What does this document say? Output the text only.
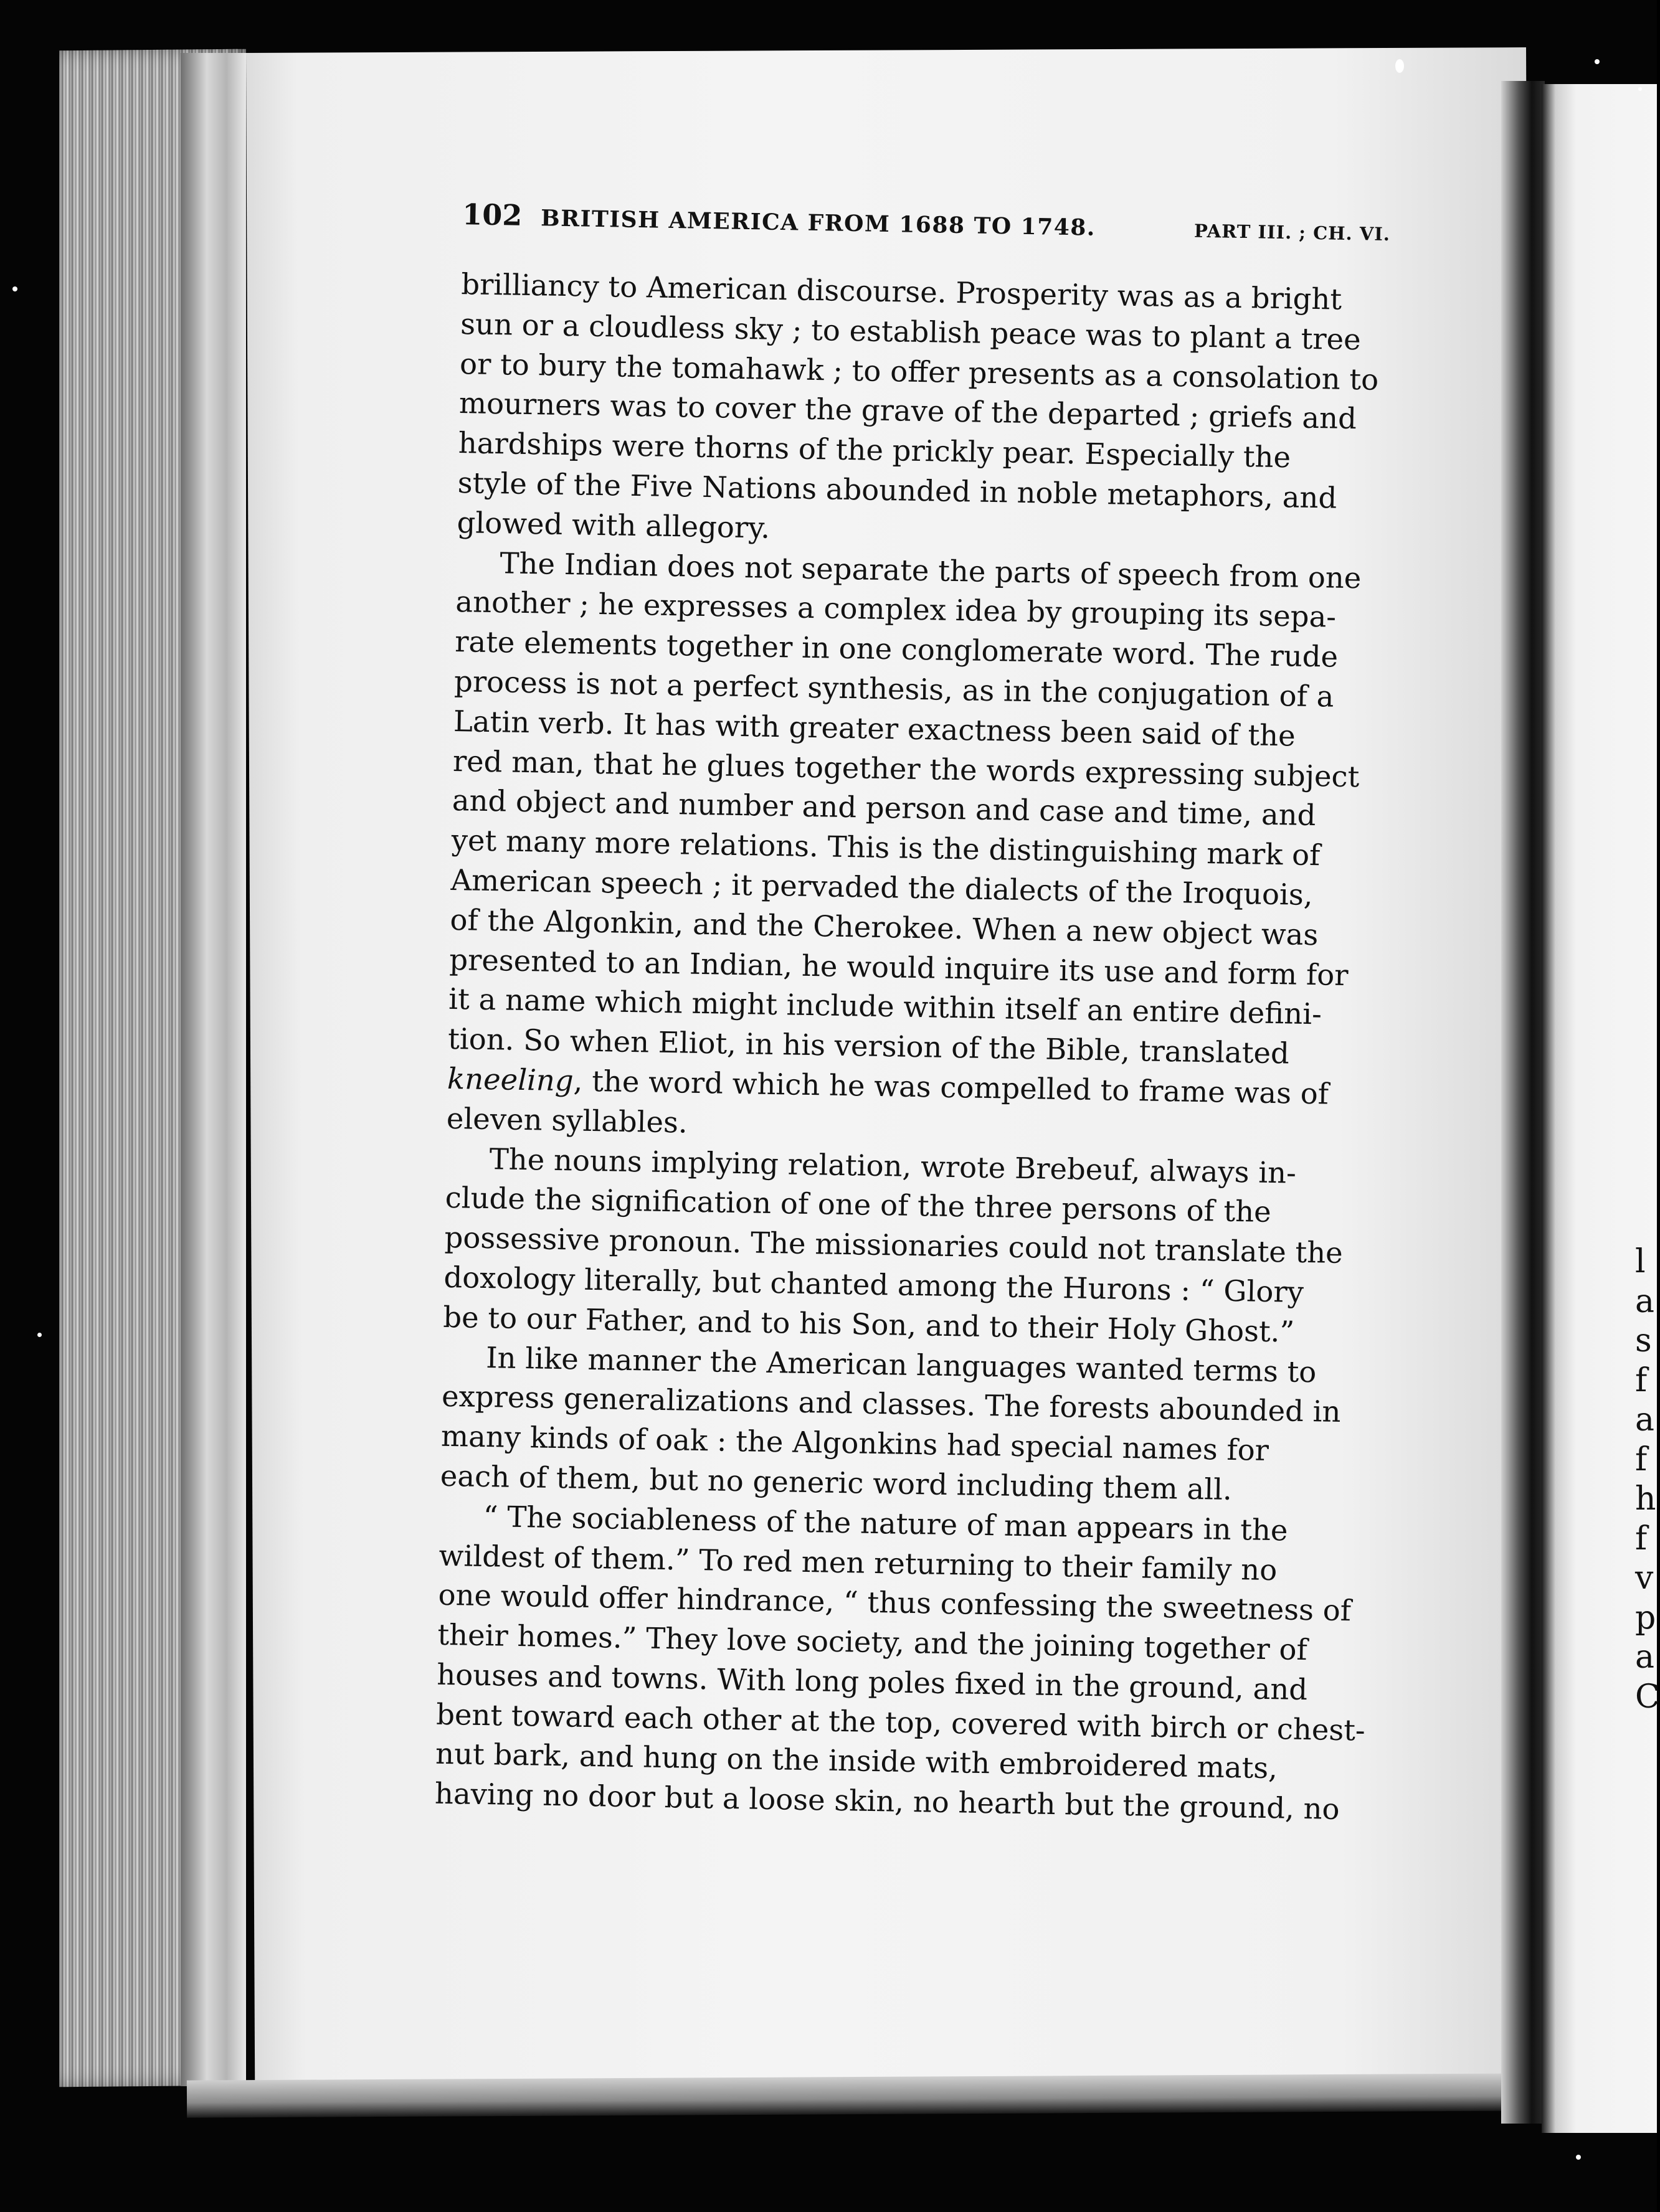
l
a
s
f
a
f
h
f
v
p
a
C
102 BRITISH AMERICA FROM 1688 TO 1748.	PART III. ; CH. VI.
brilliancy to American discourse. Prosperity was as a bright
sun or a cloudless sky ; to establish peace was to plant a tree
or to bury the tomahawk ; to offer presents as a consolation to
mourners was to cover the grave of the departed ; griefs and
hardships were thorns of the prickly pear. Especially the
style of the Five Nations abounded in noble metaphors, and
glowed with allegory.
The Indian does not separate the parts of speech from one
another ; he expresses a complex idea by grouping its sepa-
rate elements together in one conglomerate word. The rude
process is not a perfect synthesis, as in the conjugation of a
Latin verb. It has with greater exactness been said of the
red man, that he glues together the words expressing subject
and object and number and person and case and time, and
yet many more relations. This is the distinguishing mark of
American speech ; it pervaded the dialects of the Iroquois,
of the Algonkin, and the Cherokee. When a new object was
presented to an Indian, he would inquire its use and form for
it a name which might include within itself an entire defini-
tion. So when Eliot, in his version of the Bible, translated
kneeling, the word which he was compelled to frame was of
eleven syllables.
The nouns implying relation, wrote Brebeuf, always in-
clude the signification of one of the three persons of the
possessive pronoun. The missionaries could not translate the
doxology literally, but chanted among the Hurons : “ Glory
be to our Father, and to his Son, and to their Holy Ghost.”
In like manner the American languages wanted terms to
express generalizations and classes. The forests abounded in
many kinds of oak : the Algonkins had special names for
each of them, but no generic word including them all.
“ The sociableness of the nature of man appears in the
wildest of them.” To red men returning to their family no
one would offer hindrance, “ thus confessing the sweetness of
their homes.” They love society, and the joining together of
houses and towns. With long poles fixed in the ground, and
bent toward each other at the top, covered with birch or chest-
nut bark, and hung on the inside with embroidered mats,
having no door but a loose skin, no hearth but the ground, no
